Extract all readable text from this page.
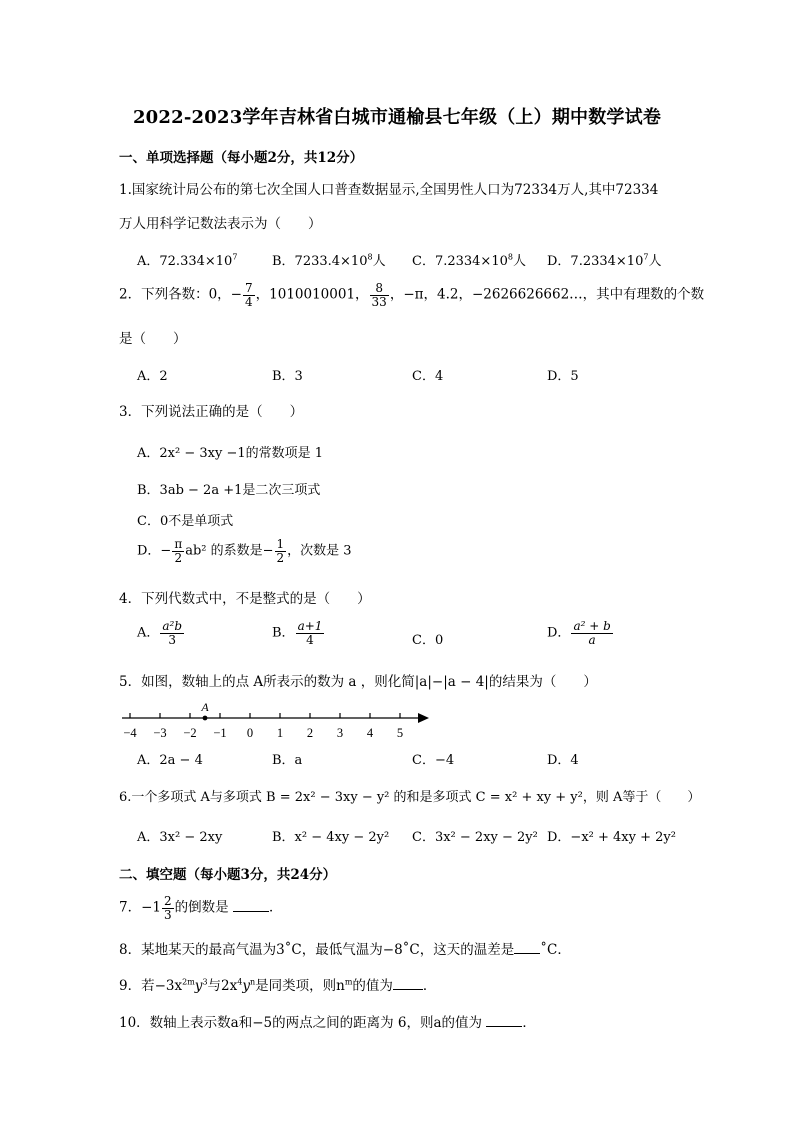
2022-2023学年吉林省白城市通榆县七年级（上）期中数学试卷
一、单项选择题（每小题2分，共12分）
1.国家统计局公布的第七次全国人口普查数据显示,全国男性人口为72334万人,其中72334
万人用科学记数法表示为（　　）
A．$72.334\times 10^7$	B．$7233.4\times 10^8$人 C．$7.2334\times 10^8$人 D．$7.2334\times 10^7$人
2．下列各数：0，− $\frac{7}{4}$ ，1010010001， $\frac{8}{33}$ ，−π，4.2，−2626626662…，其中有理数的个数
是（　　）
A．2	B．3	C．4	D．5
3．下列说法正确的是（　　）
A．2x² − 3xy −1的常数项是 1
B．3ab − 2a +1是二次三项式
C．0不是单项式
D．− $\frac{\pi}{2} ab^2$ 的系数是− $\frac{1}{2}$ ，次数是 3
4．下列代数式中，不是整式的是（　　）
A． $\frac{\text{a²b}}{3}$	B． $\frac{a+1}{4}$	C．0	D． $\frac{\text{a² + b}}{a}$
5．如图，数轴上的点 A所表示的数为 a ，则化简|a|−|a − 4|的结果为（　　）
−4 −3 −2 −1 0 1 2 3 4 5
A
A．2a − 4	B．a	C．−4	D．4
6.一个多项式 A与多项式 B = 2x² − 3xy − y² 的和是多项式 C = x² + xy + y²，则 A等于（　　）
A．3x² − 2xy	B．x² − 4xy − 2y² C．3x² − 2xy − 2y² D．−x² + 4xy + 2y²
二、填空题（每小题3分，共24分）
7．$-1 \frac{2}{3}$ 的倒数是	．
8．某地某天的最高气温为3˚C，最低气温为−8˚C，这天的温差是 ˚C．
9．若$-3x^{2m}y^3$与$2x^4y^n$是同类项，则$n^m$的值为 ．
10．数轴上表示数a和−5的两点之间的距离为 6，则a的值为	．
